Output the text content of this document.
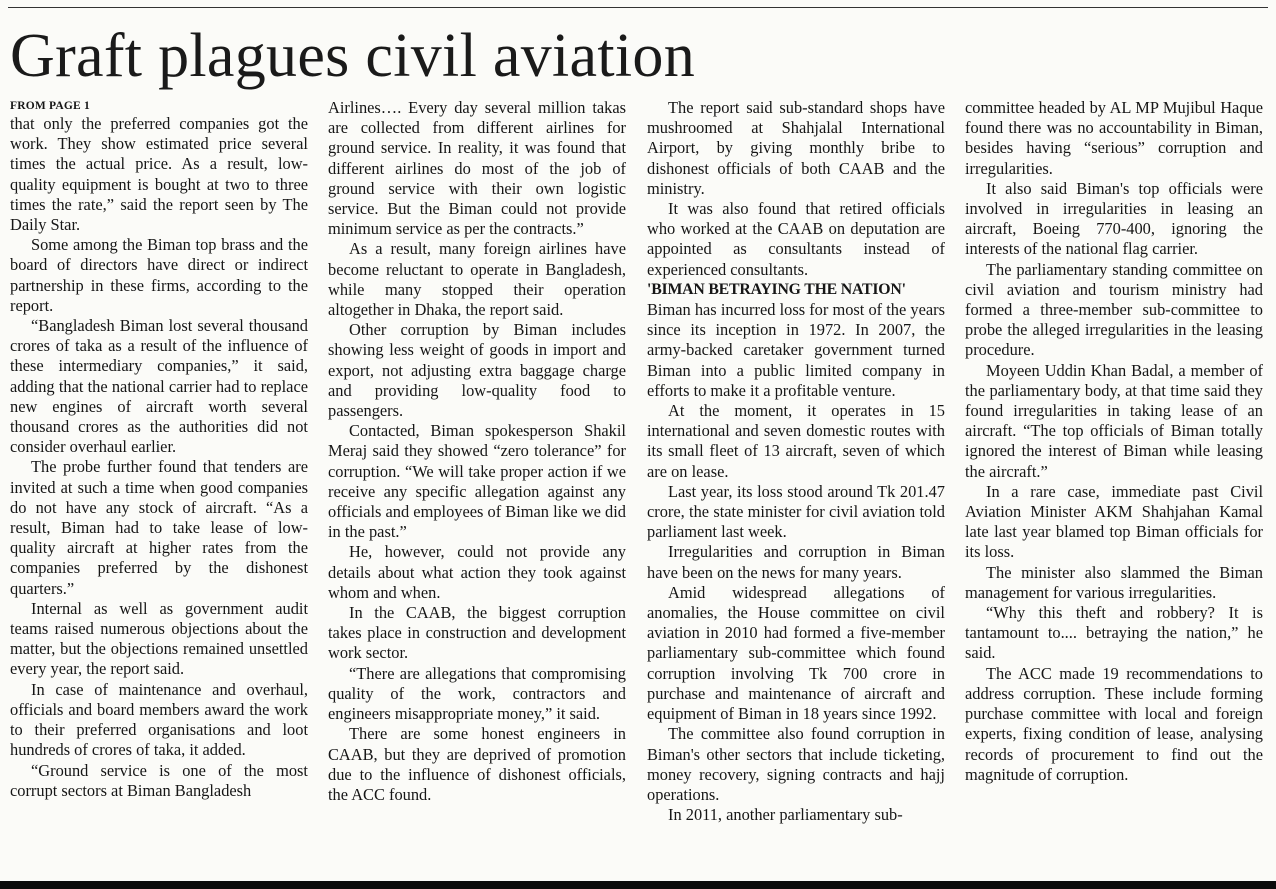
Graft plagues civil aviation
FROM PAGE 1

that only the preferred companies got the work. They show estimated price several times the actual price. As a result, low-quality equipment is bought at two to three times the rate,” said the report seen by The Daily Star.

Some among the Biman top brass and the board of directors have direct or indirect partnership in these firms, according to the report.

“Bangladesh Biman lost several thousand crores of taka as a result of the influence of these intermediary companies,” it said, adding that the national carrier had to replace new engines of aircraft worth several thousand crores as the authorities did not consider overhaul earlier.

The probe further found that tenders are invited at such a time when good companies do not have any stock of aircraft. “As a result, Biman had to take lease of low-quality aircraft at higher rates from the companies preferred by the dishonest quarters.”

Internal as well as government audit teams raised numerous objections about the matter, but the objections remained unsettled every year, the report said.

In case of maintenance and overhaul, officials and board members award the work to their preferred organisations and loot hundreds of crores of taka, it added.

“Ground service is one of the most corrupt sectors at Biman Bangladesh

Airlines…. Every day several million takas are collected from different airlines for ground service. In reality, it was found that different airlines do most of the job of ground service with their own logistic service. But the Biman could not provide minimum service as per the contracts.”

As a result, many foreign airlines have become reluctant to operate in Bangladesh, while many stopped their operation altogether in Dhaka, the report said.

Other corruption by Biman includes showing less weight of goods in import and export, not adjusting extra baggage charge and providing low-quality food to passengers.

Contacted, Biman spokesperson Shakil Meraj said they showed “zero tolerance” for corruption. “We will take proper action if we receive any specific allegation against any officials and employees of Biman like we did in the past.”

He, however, could not provide any details about what action they took against whom and when.

In the CAAB, the biggest corruption takes place in construction and development work sector.

“There are allegations that compromising quality of the work, contractors and engineers misappropriate money,” it said.

There are some honest engineers in CAAB, but they are deprived of promotion due to the influence of dishonest officials, the ACC found.

The report said sub-standard shops have mushroomed at Shahjalal International Airport, by giving monthly bribe to dishonest officials of both CAAB and the ministry.

It was also found that retired officials who worked at the CAAB on deputation are appointed as consultants instead of experienced consultants.

'BIMAN BETRAYING THE NATION'

Biman has incurred loss for most of the years since its inception in 1972. In 2007, the army-backed caretaker government turned Biman into a public limited company in efforts to make it a profitable venture.

At the moment, it operates in 15 international and seven domestic routes with its small fleet of 13 aircraft, seven of which are on lease.

Last year, its loss stood around Tk 201.47 crore, the state minister for civil aviation told parliament last week.

Irregularities and corruption in Biman have been on the news for many years.

Amid widespread allegations of anomalies, the House committee on civil aviation in 2010 had formed a five-member parliamentary sub-committee which found corruption involving Tk 700 crore in purchase and maintenance of aircraft and equipment of Biman in 18 years since 1992.

The committee also found corruption in Biman's other sectors that include ticketing, money recovery, signing contracts and hajj operations.

In 2011, another parliamentary sub-

committee headed by AL MP Mujibul Haque found there was no accountability in Biman, besides having “serious” corruption and irregularities.

It also said Biman's top officials were involved in irregularities in leasing an aircraft, Boeing 770-400, ignoring the interests of the national flag carrier.

The parliamentary standing committee on civil aviation and tourism ministry had formed a three-member sub-committee to probe the alleged irregularities in the leasing procedure.

Moyeen Uddin Khan Badal, a member of the parliamentary body, at that time said they found irregularities in taking lease of an aircraft. “The top officials of Biman totally ignored the interest of Biman while leasing the aircraft.”

In a rare case, immediate past Civil Aviation Minister AKM Shahjahan Kamal late last year blamed top Biman officials for its loss.

The minister also slammed the Biman management for various irregularities.

“Why this theft and robbery? It is tantamount to.... betraying the nation,” he said.

The ACC made 19 recommendations to address corruption. These include forming purchase committee with local and foreign experts, fixing condition of lease, analysing records of procurement to find out the magnitude of corruption.
